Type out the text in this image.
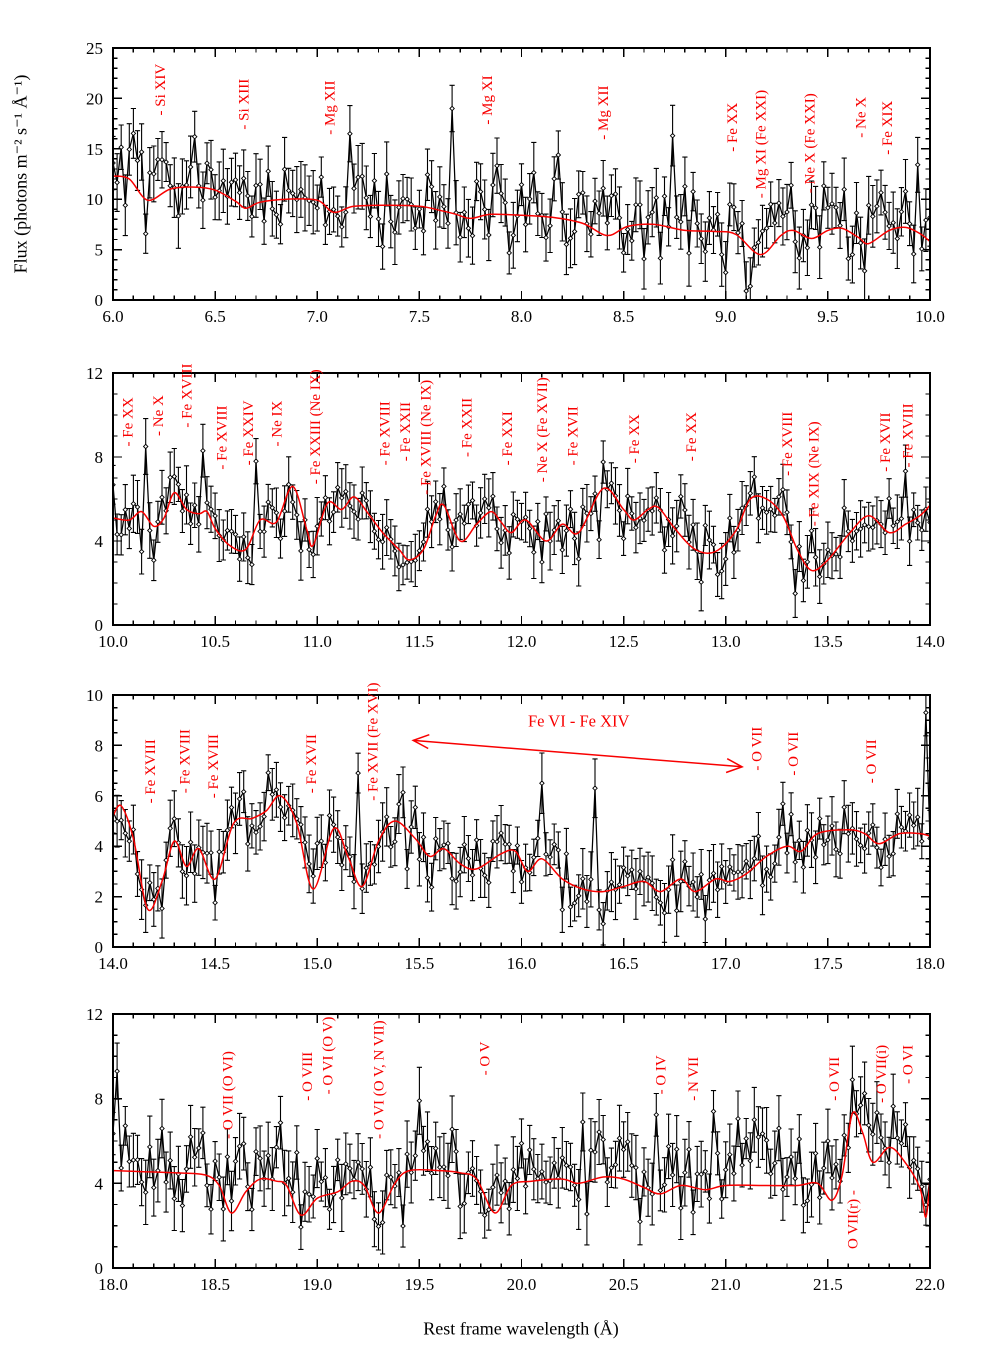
6.0	6.5	7.0	7.5	8.0	8.5	9.0	9.5	10.0
0
5
10
15
20
25
- Si XIV	- Si XIII	- Mg XII	- Mg XI	- Mg XII	- Fe XX - Mg XI (Fe XXI) - Ne X (Fe XXI) - Ne X - Fe XIX
10.0	10.5	11.0	11.5	12.0	12.5	13.0	13.5	14.0
0
4
8
12
- Fe XX - Ne X - Fe XVIII
- Fe XVIII - Fe XXIV - Ne IX - Fe XXIII (Ne IX)	- Fe XVIII - Fe XXII - Fe XVIII (Ne IX) - Fe XXII - Fe XXI - Ne X (Fe XVII) - Fe XVII	- Fe XX	- Fe XX	- Fe XVIII - Fe XIX (Ne IX)	- Fe XVII - Fe XVIII
14.0	14.5	15.0	15.5	16.0	16.5	17.0	17.5	18.0
0
2
4
6
8
10
- Fe XVIII - Fe XVIII - Fe XVIII	- Fe XVII	- Fe XVII (Fe XVI)	- O VII - O VII	- O VII
Fe VI - Fe XIV
18.0	18.5	19.0	19.5	20.0	20.5	21.0	21.5	22.0
0
4
8
12
- O VII (O VI)	- O VIII - O VI (O V) - O VI (O V, N VII)	- O V	- O IV - N VII	- O VII
O VII(r) -
- O VII(i) - O VI
Flux (photons m⁻² s⁻¹ Å⁻¹)
Rest frame wavelength (Å)
